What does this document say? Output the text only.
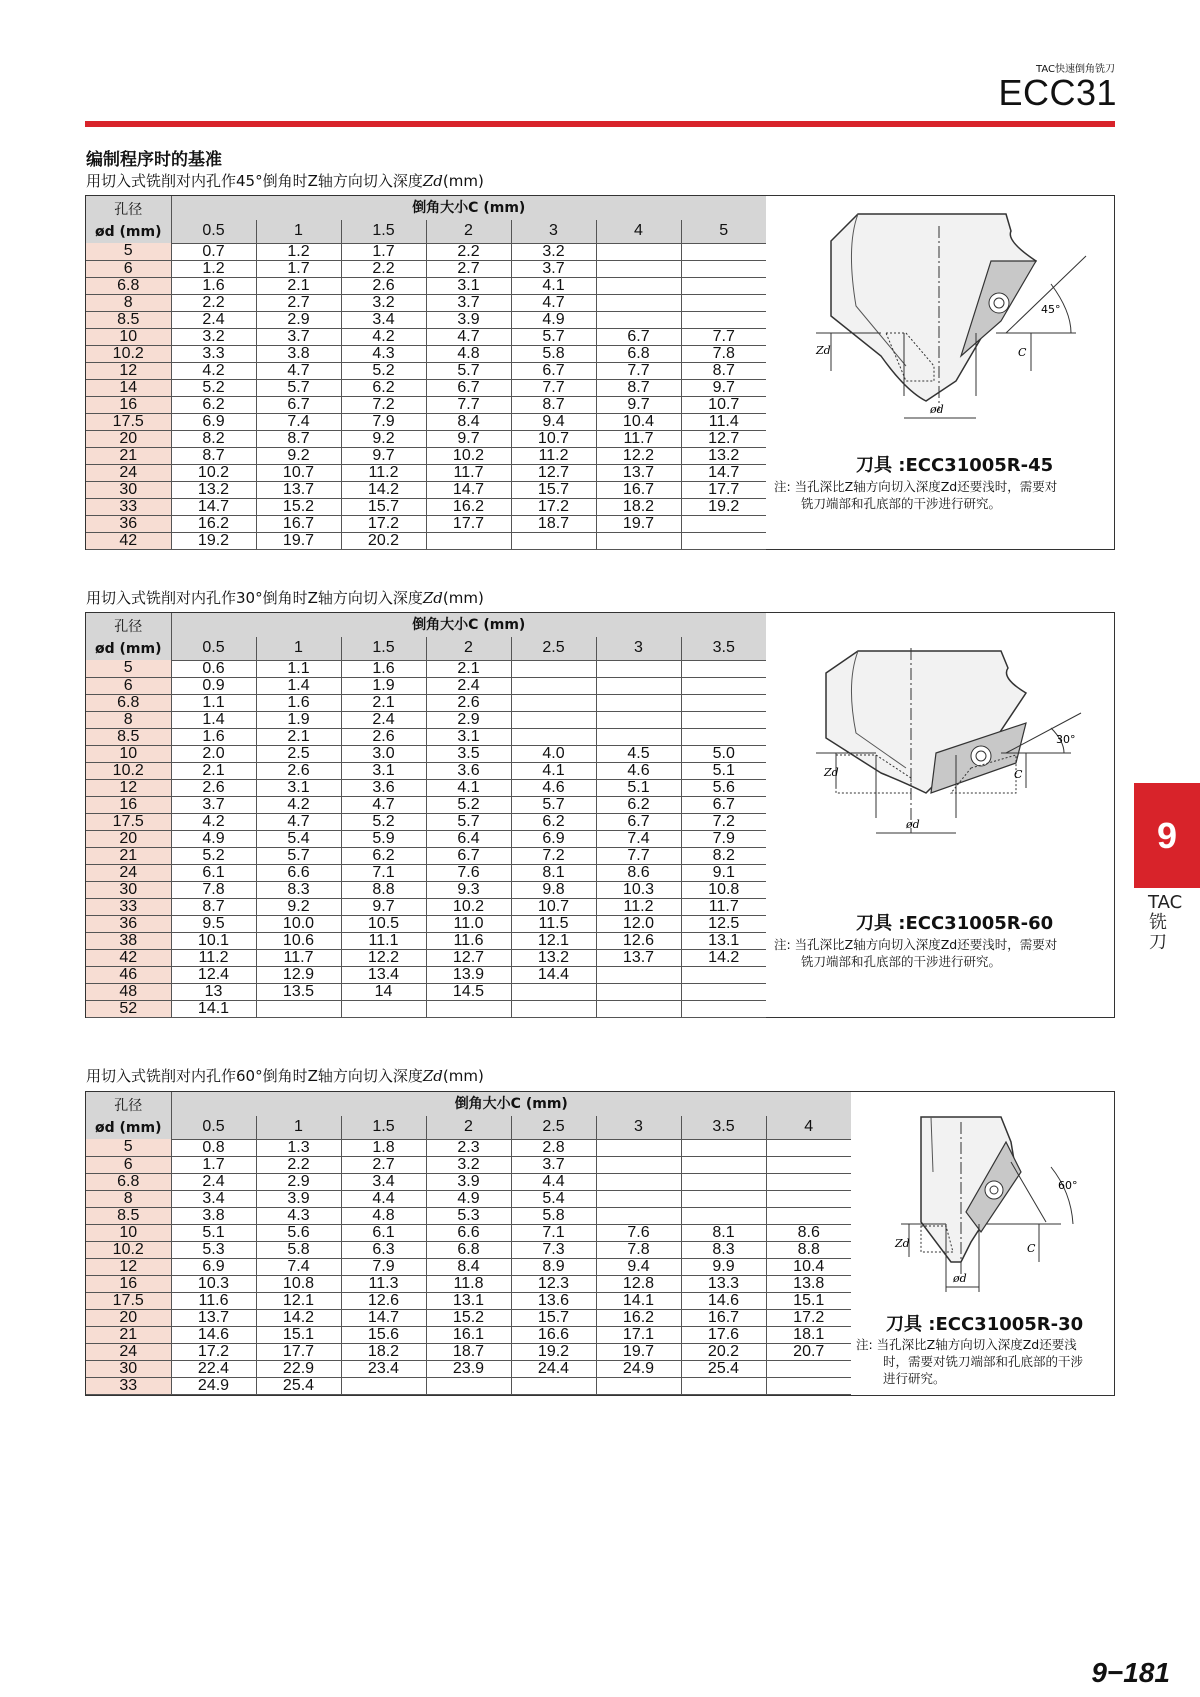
TAC快速倒角铣刀
ECC31
编制程序时的基准
用切入式铣削对内孔作45°倒角时Z轴方向切入深度Zd(mm)
孔径
ød (mm)	倒角大小C (mm)						
	0.5	1	1.5	2	3	4	5
5	0.7	1.2	1.7	2.2	3.2		
6	1.2	1.7	2.2	2.7	3.7		
6.8	1.6	2.1	2.6	3.1	4.1		
8	2.2	2.7	3.2	3.7	4.7		
8.5	2.4	2.9	3.4	3.9	4.9		
10	3.2	3.7	4.2	4.7	5.7	6.7	7.7
10.2	3.3	3.8	4.3	4.8	5.8	6.8	7.8
12	4.2	4.7	5.2	5.7	6.7	7.7	8.7
14	5.2	5.7	6.2	6.7	7.7	8.7	9.7
16	6.2	6.7	7.2	7.7	8.7	9.7	10.7
17.5	6.9	7.4	7.9	8.4	9.4	10.4	11.4
20	8.2	8.7	9.2	9.7	10.7	11.7	12.7
21	8.7	9.2	9.7	10.2	11.2	12.2	13.2
24	10.2	10.7	11.2	11.7	12.7	13.7	14.7
30	13.2	13.7	14.2	14.7	15.7	16.7	17.7
33	14.7	15.2	15.7	16.2	17.2	18.2	19.2
36	16.2	16.7	17.2	17.7	18.7	19.7	
42	19.2	19.7	20.2				
45°
Zd	C
ød
刀具 :ECC31005R-45
注: 当孔深比Z轴方向切入深度Zd还要浅时，需要对
铣刀端部和孔底部的干涉进行研究。
用切入式铣削对内孔作30°倒角时Z轴方向切入深度Zd(mm)
孔径
ød (mm)	倒角大小C (mm)						
	0.5	1	1.5	2	2.5	3	3.5
5	0.6	1.1	1.6	2.1			
6	0.9	1.4	1.9	2.4			
6.8	1.1	1.6	2.1	2.6			
8	1.4	1.9	2.4	2.9			
8.5	1.6	2.1	2.6	3.1			
10	2.0	2.5	3.0	3.5	4.0	4.5	5.0
10.2	2.1	2.6	3.1	3.6	4.1	4.6	5.1
12	2.6	3.1	3.6	4.1	4.6	5.1	5.6
16	3.7	4.2	4.7	5.2	5.7	6.2	6.7
17.5	4.2	4.7	5.2	5.7	6.2	6.7	7.2
20	4.9	5.4	5.9	6.4	6.9	7.4	7.9
21	5.2	5.7	6.2	6.7	7.2	7.7	8.2
24	6.1	6.6	7.1	7.6	8.1	8.6	9.1
30	7.8	8.3	8.8	9.3	9.8	10.3	10.8
33	8.7	9.2	9.7	10.2	10.7	11.2	11.7
36	9.5	10.0	10.5	11.0	11.5	12.0	12.5
38	10.1	10.6	11.1	11.6	12.1	12.6	13.1
42	11.2	11.7	12.2	12.7	13.2	13.7	14.2
46	12.4	12.9	13.4	13.9	14.4		
48	13	13.5	14	14.5			
52	14.1						
30°
Zd	C
ød
刀具 :ECC31005R-60
注: 当孔深比Z轴方向切入深度Zd还要浅时，需要对
铣刀端部和孔底部的干涉进行研究。
用切入式铣削对内孔作60°倒角时Z轴方向切入深度Zd(mm)
孔径
ød (mm)	倒角大小C (mm)							
	0.5	1	1.5	2	2.5	3	3.5	4
5	0.8	1.3	1.8	2.3	2.8			
6	1.7	2.2	2.7	3.2	3.7			
6.8	2.4	2.9	3.4	3.9	4.4			
8	3.4	3.9	4.4	4.9	5.4			
8.5	3.8	4.3	4.8	5.3	5.8			
10	5.1	5.6	6.1	6.6	7.1	7.6	8.1	8.6
10.2	5.3	5.8	6.3	6.8	7.3	7.8	8.3	8.8
12	6.9	7.4	7.9	8.4	8.9	9.4	9.9	10.4
16	10.3	10.8	11.3	11.8	12.3	12.8	13.3	13.8
17.5	11.6	12.1	12.6	13.1	13.6	14.1	14.6	15.1
20	13.7	14.2	14.7	15.2	15.7	16.2	16.7	17.2
21	14.6	15.1	15.6	16.1	16.6	17.1	17.6	18.1
24	17.2	17.7	18.2	18.7	19.2	19.7	20.2	20.7
30	22.4	22.9	23.4	23.9	24.4	24.9	25.4	
33	24.9	25.4						
60°
Zd	C
ød
刀具 :ECC31005R-30
注: 当孔深比Z轴方向切入深度Zd还要浅
时，需要对铣刀端部和孔底部的干涉
进行研究。
9
TAC铣刀
9−181
